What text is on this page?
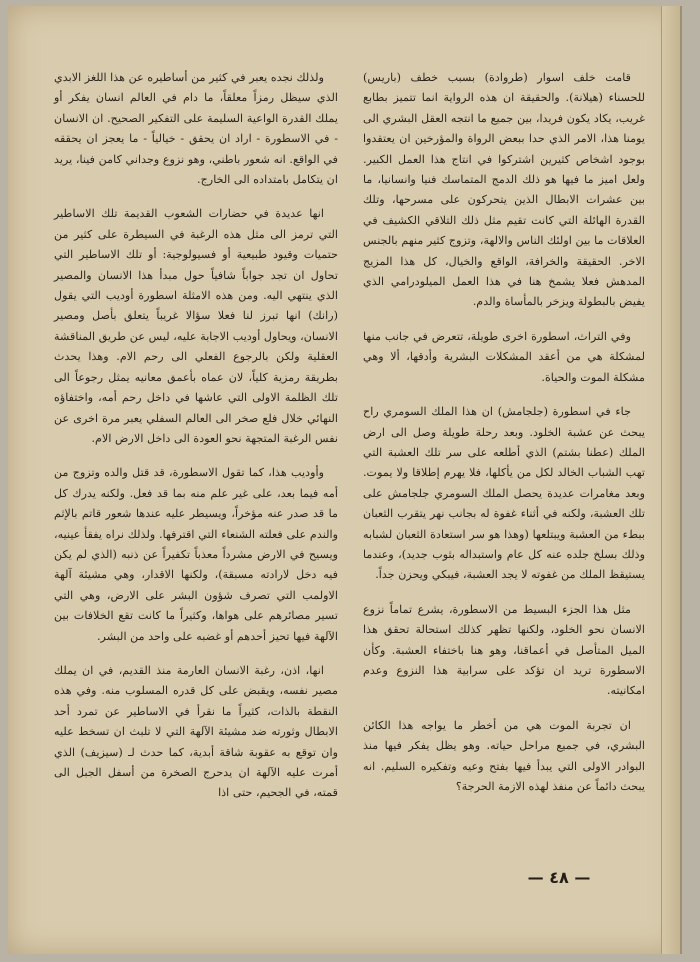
قامت خلف اسوار (طروادة) بسبب خطف (باريس) للحسناء (هيلانة). والحقيقة ان هذه الرواية انما تتميز بطابع غريب، يكاد يكون فريدا، بين جميع ما انتجه العقل البشري الى يومنا هذا، الامر الذي حدا ببعض الرواة والمؤرخين ان يعتقدوا بوجود اشخاص كثيرين اشتركوا في انتاج هذا العمل الكبير. ولعل اميز ما فيها هو ذلك الدمج المتماسك فنيا وانسانيا، ما بين عشرات الابطال الذين يتحركون على مسرحها، وتلك القدرة الهائلة التي كانت تقيم مثل ذلك التلاقي الكشيف في العلاقات ما بين اولئك الناس والالهة، وتزوج كثير منهم بالجنس الاخر. الحقيقة والخرافة، الواقع والخيال، كل هذا المزيج المدهش فعلا يشمخ هنا في هذا العمل الميلودرامي الذي يفيض بالبطولة ويزخر بالمأساة والدم.

وفي التراث، اسطورة اخرى طويلة، تتعرض في جانب منها لمشكلة هي من أعقد المشكلات البشرية وأدقها، ألا وهي مشكلة الموت والحياة.

جاء في اسطورة (جلجامش) ان هذا الملك السومري راح يبحث عن عشبة الخلود. وبعد رحلة طويلة وصل الى ارض الملك (عطنا بشتم) الذي أطلعه على سر تلك العشبة التي تهب الشباب الخالد لكل من يأكلها، فلا يهرم إطلاقا ولا يموت. وبعد مغامرات عديدة يحصل الملك السومري جلجامش على تلك العشبة، ولكنه في أثناء غفوة له بجانب نهر يتقرب الثعبان ببطء من العشبة ويبتلعها (وهذا هو سر استعادة الثعبان لشبابه وذلك بسلخ جلده عنه كل عام واستبداله بثوب جديد)، وعندما يستيقظ الملك من غفوته لا يجد العشبة، فيبكي ويحزن جداً.

مثل هذا الجزء البسيط من الاسطورة، يشرع تماماً نزوع الانسان نحو الخلود، ولكنها تظهر كذلك استحالة تحقق هذا الميل المتأصل في أعماقنا، وهو هنا باختفاء العشبة. وكأن الاسطورة تريد ان تؤكد على سرابية هذا النزوع وعدم امكانيته.

ان تجربة الموت هي من أخطر ما يواجه هذا الكائن البشري، في جميع مراحل حياته. وهو يظل يفكر فيها منذ البوادر الاولى التي يبدأ فيها بفتح وعيه وتفكيره السليم. انه يبحث دائماً عن منفذ لهذه الازمة الحرجة؟

ولذلك نجده يعبر في كثير من أساطيره عن هذا اللغز الابدي الذي سيظل رمزاً معلقاً، ما دام في العالم انسان يفكر أو يملك القدرة الواعية السليمة على التفكير الصحيح. ان الانسان - في الاسطورة - اراد ان يحقق - خيالياً - ما يعجز ان يحققه في الواقع. انه شعور باطني، وهو نزوع وجداني كامن فينا، يريد ان يتكامل بامتداده الى الخارج.

انها عديدة في حضارات الشعوب القديمة تلك الاساطير التي ترمز الى مثل هذه الرغبة في السيطرة على كثير من حتميات وقيود طبيعية أو فسيولوجية: أو تلك الاساطير التي تحاول ان تجد جواباً شافياً حول مبدأ هذا الانسان والمصير الذي ينتهي اليه. ومن هذه الامثلة اسطورة أوديب التي يقول (رانك) انها تبرز لنا فعلا سؤالا غريباً يتعلق بأصل ومصير الانسان، ويحاول أوديب الاجابة عليه، ليس عن طريق المناقشة العقلية ولكن بالرجوع الفعلي الى رحم الام. وهذا يحدث بطريقة رمزية كلياً، لان عماه بأعمق معانيه يمثل رجوعاً الى تلك الظلمة الاولى التي عاشها في داخل رحم أمه، واختفاؤه النهائي خلال فلع صخر الى العالم السفلي يعبر مرة اخرى عن نفس الرغبة المتجهة نحو العودة الى داخل الارض الام.

وأوديب هذا، كما تقول الاسطورة، قد قتل والده وتزوج من أمه فيما بعد، على غير علم منه بما قد فعل. ولكنه يدرك كل ما قد صدر عنه مؤخراً، ويسيطر عليه عندها شعور قاتم بالإثم والندم على فعلته الشنعاء التي اقترفها. ولذلك نراه يفقأ عينيه، ويسيح في الارض مشرداً معذباً تكفيراً عن ذنبه (الذي لم يكن فيه دخل لارادته مسبقة)، ولكنها الاقدار، وهي مشيئة آلهة الاولمب التي تصرف شؤون البشر على الارض، وهي التي تسير مصائرهم على هواها، وكثيراً ما كانت تقع الخلافات بين الآلهة فيها تحيز أحدهم أو غضبه على واحد من البشر.

انها، اذن، رغبة الانسان العارمة منذ القديم، في ان يملك مصير نفسه، ويقبض على كل قدره المسلوب منه. وفي هذه النقطة بالذات، كثيراً ما نقرأ في الاساطير عن تمرد أحد الابطال وثورته ضد مشيئة الآلهة التي لا تلبث ان تسخط عليه وان توقع به عقوبة شاقة أبدية، كما حدث لـ (سيزيف) الذي أمرت عليه الآلهة ان يدحرج الصخرة من أسفل الجبل الى قمته، في الجحيم، حتى اذا

— ٤٨ —
